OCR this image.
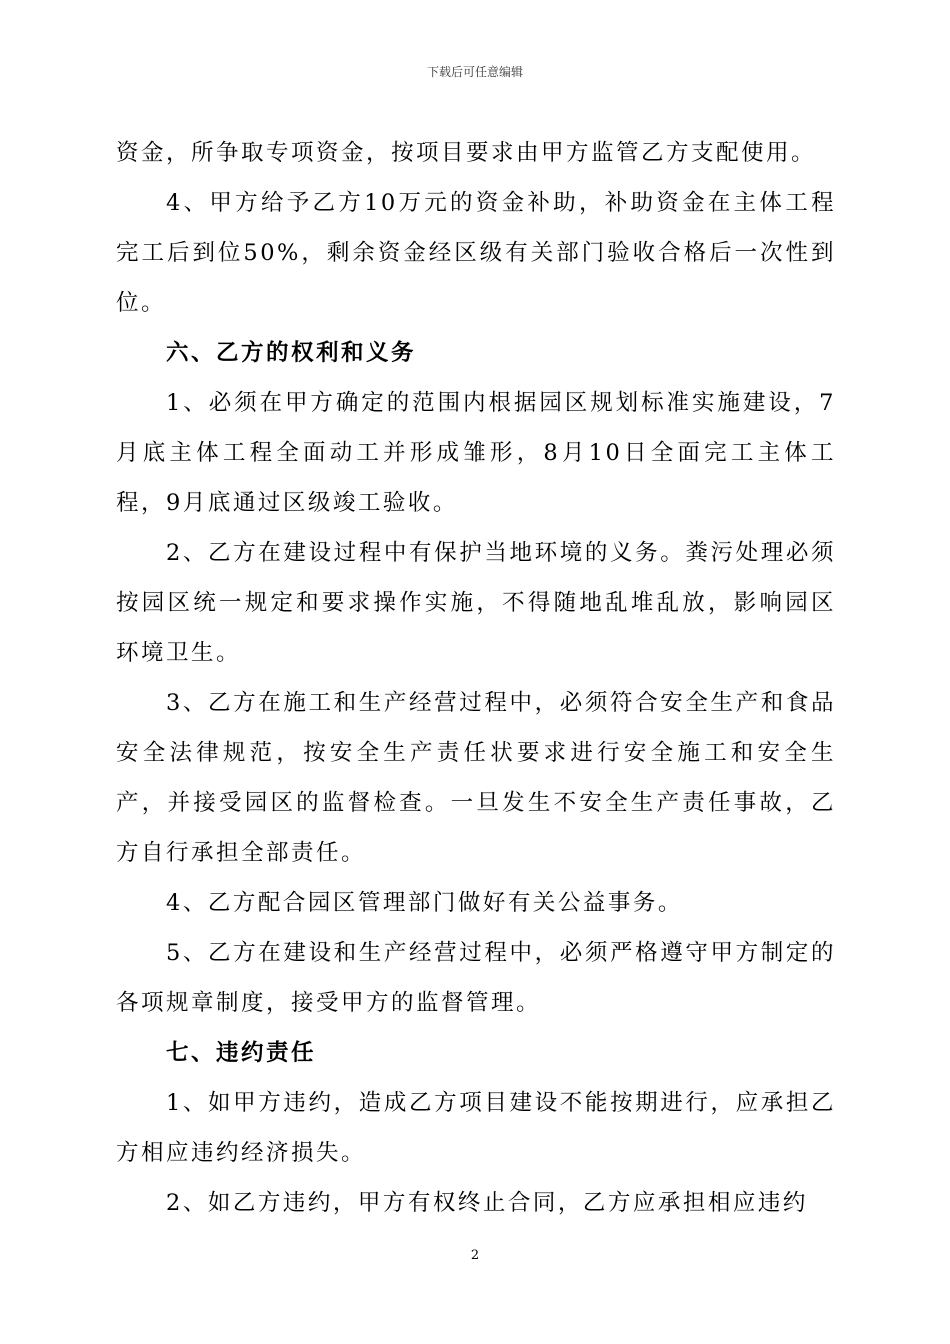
下载后可任意编辑

资金，所争取专项资金，按项目要求由甲方监管乙方支配使用。

4、甲方给予乙方10万元的资金补助，补助资金在主体工程完工后到位50%，剩余资金经区级有关部门验收合格后一次性到位。

六、乙方的权利和义务

1、必须在甲方确定的范围内根据园区规划标准实施建设，7月底主体工程全面动工并形成雏形，8月10日全面完工主体工程，9月底通过区级竣工验收。

2、乙方在建设过程中有保护当地环境的义务。粪污处理必须按园区统一规定和要求操作实施，不得随地乱堆乱放，影响园区环境卫生。

3、乙方在施工和生产经营过程中，必须符合安全生产和食品安全法律规范，按安全生产责任状要求进行安全施工和安全生产，并接受园区的监督检查。一旦发生不安全生产责任事故，乙方自行承担全部责任。

4、乙方配合园区管理部门做好有关公益事务。

5、乙方在建设和生产经营过程中，必须严格遵守甲方制定的各项规章制度，接受甲方的监督管理。

七、违约责任

1、如甲方违约，造成乙方项目建设不能按期进行，应承担乙方相应违约经济损失。

2、如乙方违约，甲方有权终止合同，乙方应承担相应违约

2
